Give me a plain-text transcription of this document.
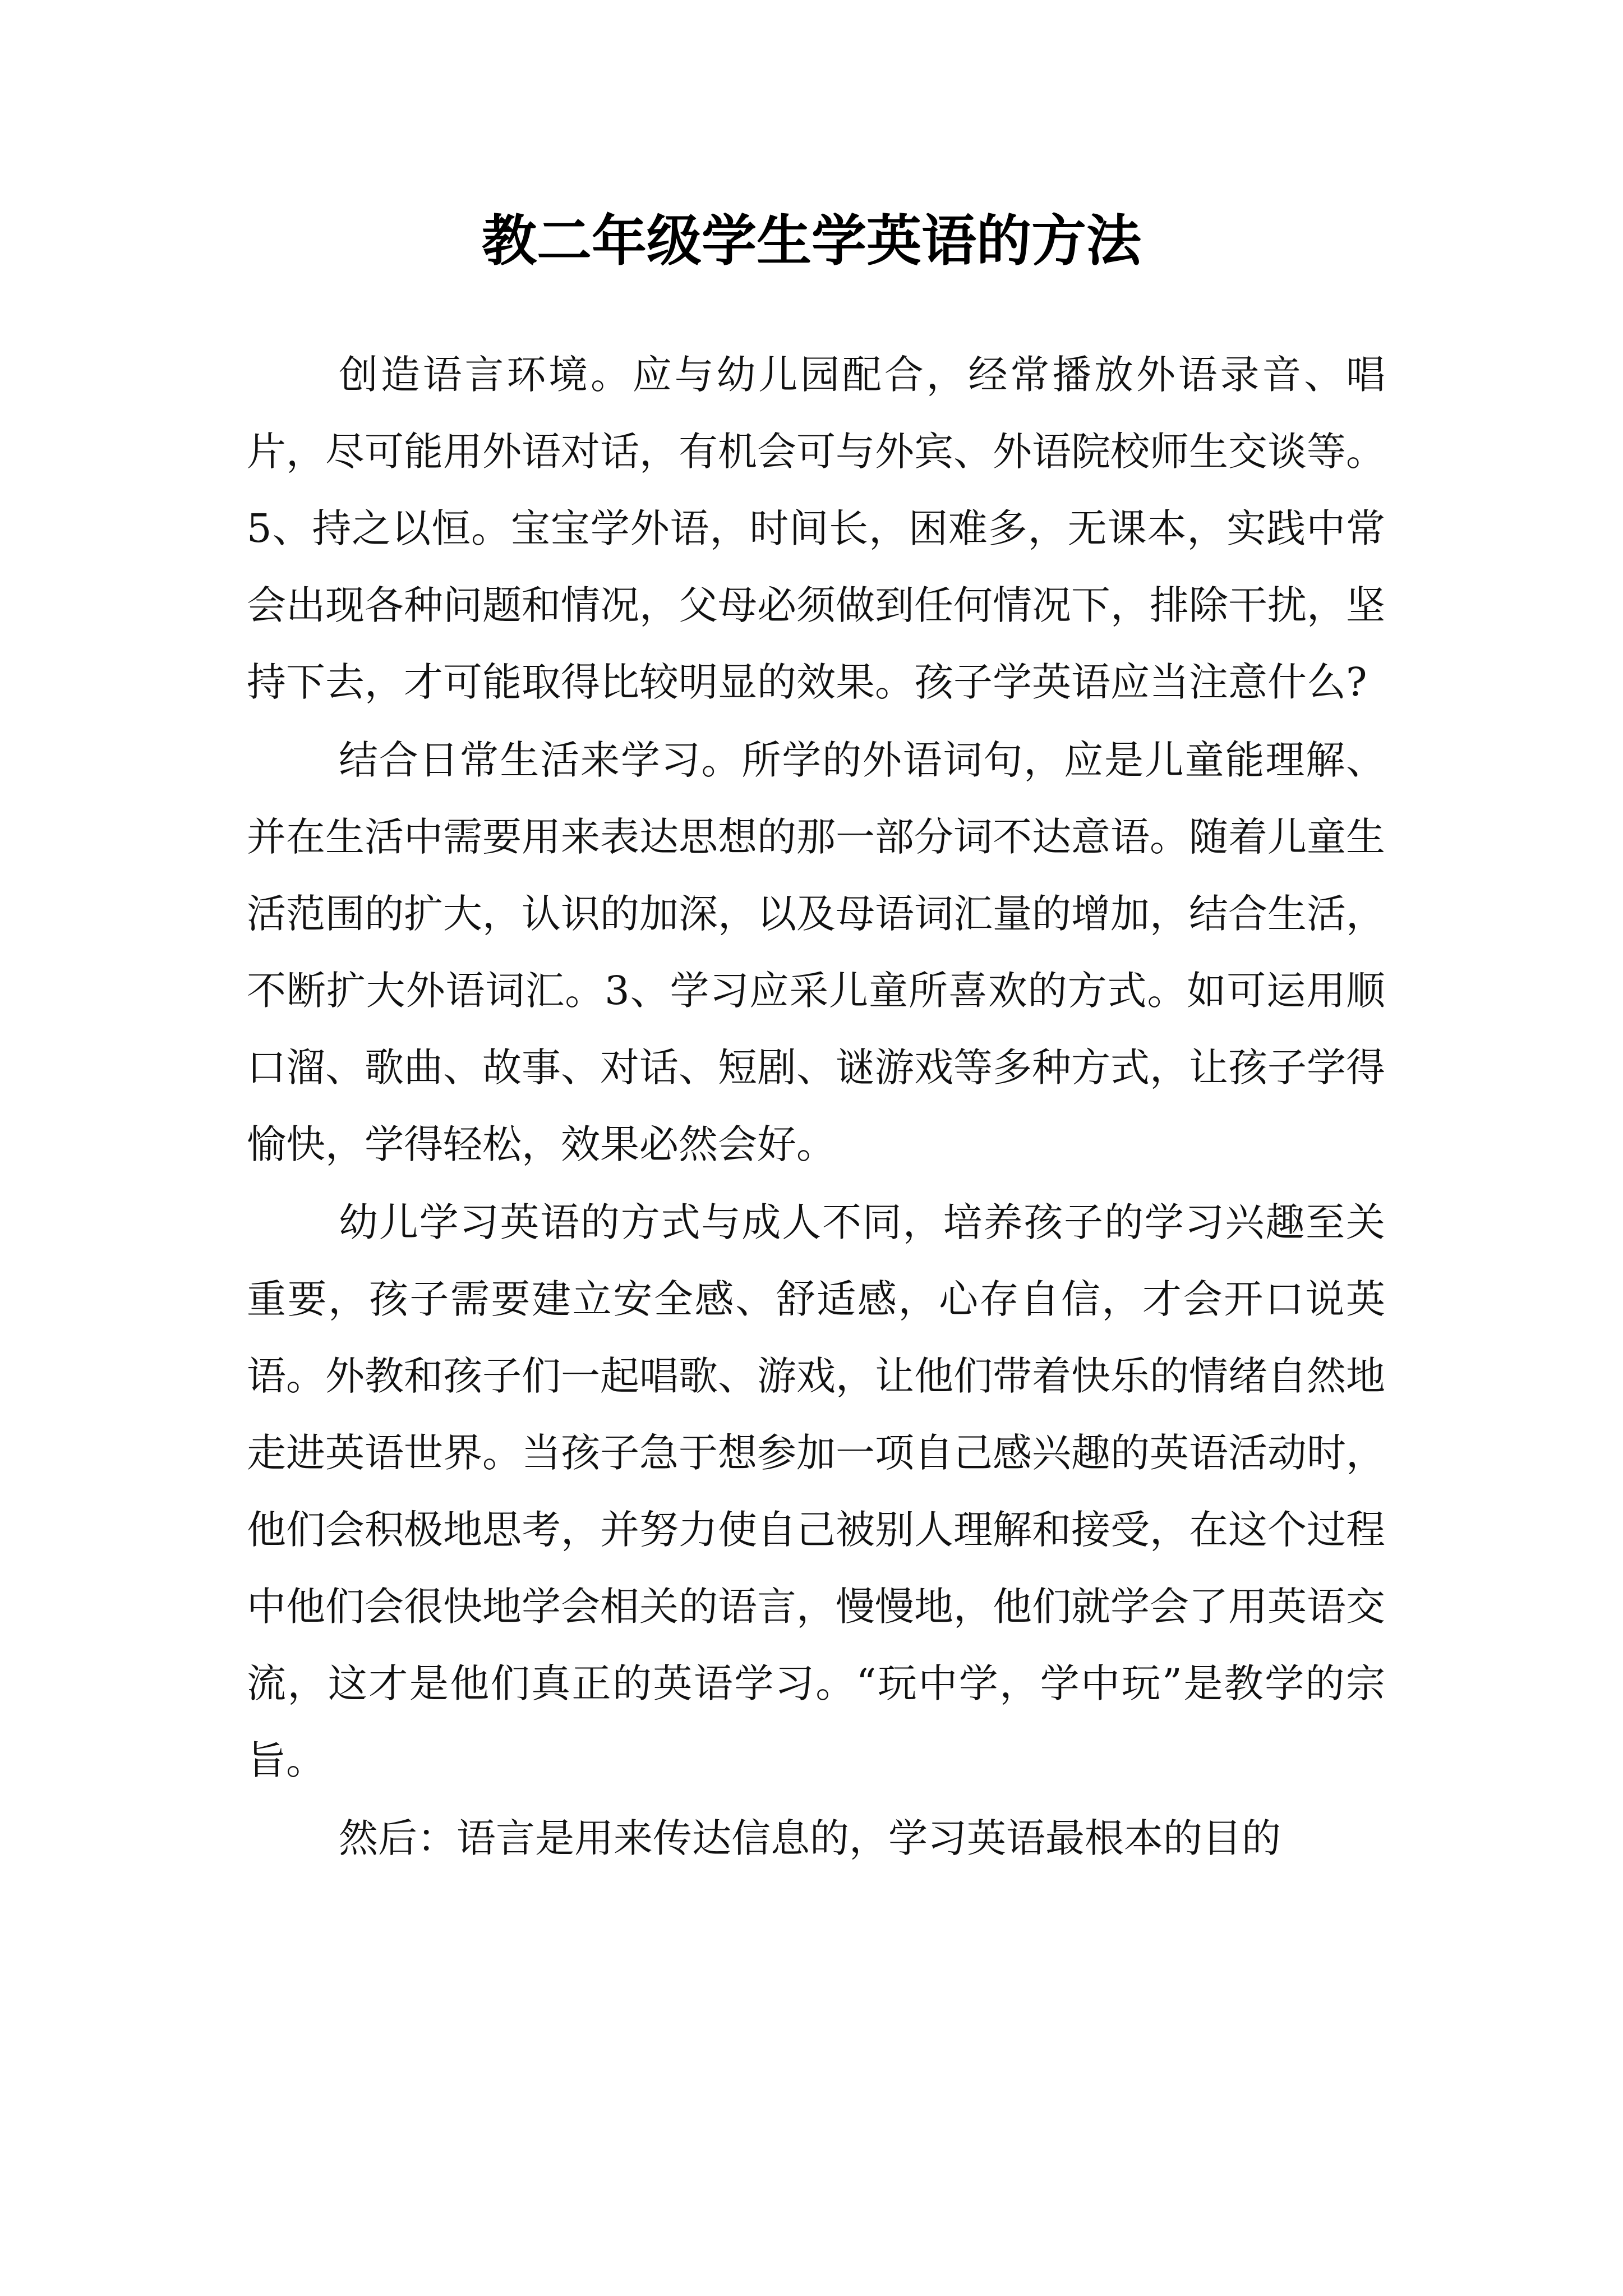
教二年级学生学英语的方法

创造语言环境。应与幼儿园配合，经常播放外语录音、唱片，尽可能用外语对话，有机会可与外宾、外语院校师生交谈等。5、持之以恒。宝宝学外语，时间长，困难多，无课本，实践中常会出现各种问题和情况，父母必须做到任何情况下，排除干扰，坚持下去，才可能取得比较明显的效果。孩子学英语应当注意什么?

结合日常生活来学习。所学的外语词句，应是儿童能理解、并在生活中需要用来表达思想的那一部分词不达意语。随着儿童生活范围的扩大，认识的加深，以及母语词汇量的增加，结合生活，不断扩大外语词汇。3、学习应采儿童所喜欢的方式。如可运用顺口溜、歌曲、故事、对话、短剧、谜游戏等多种方式，让孩子学得愉快，学得轻松，效果必然会好。

幼儿学习英语的方式与成人不同，培养孩子的学习兴趣至关重要，孩子需要建立安全感、舒适感，心存自信，才会开口说英语。外教和孩子们一起唱歌、游戏，让他们带着快乐的情绪自然地走进英语世界。当孩子急于想参加一项自己感兴趣的英语活动时，他们会积极地思考，并努力使自己被别人理解和接受，在这个过程中他们会很快地学会相关的语言，慢慢地，他们就学会了用英语交流，这才是他们真正的英语学习。“玩中学，学中玩”是教学的宗旨。

然后：语言是用来传达信息的，学习英语最根本的目的
